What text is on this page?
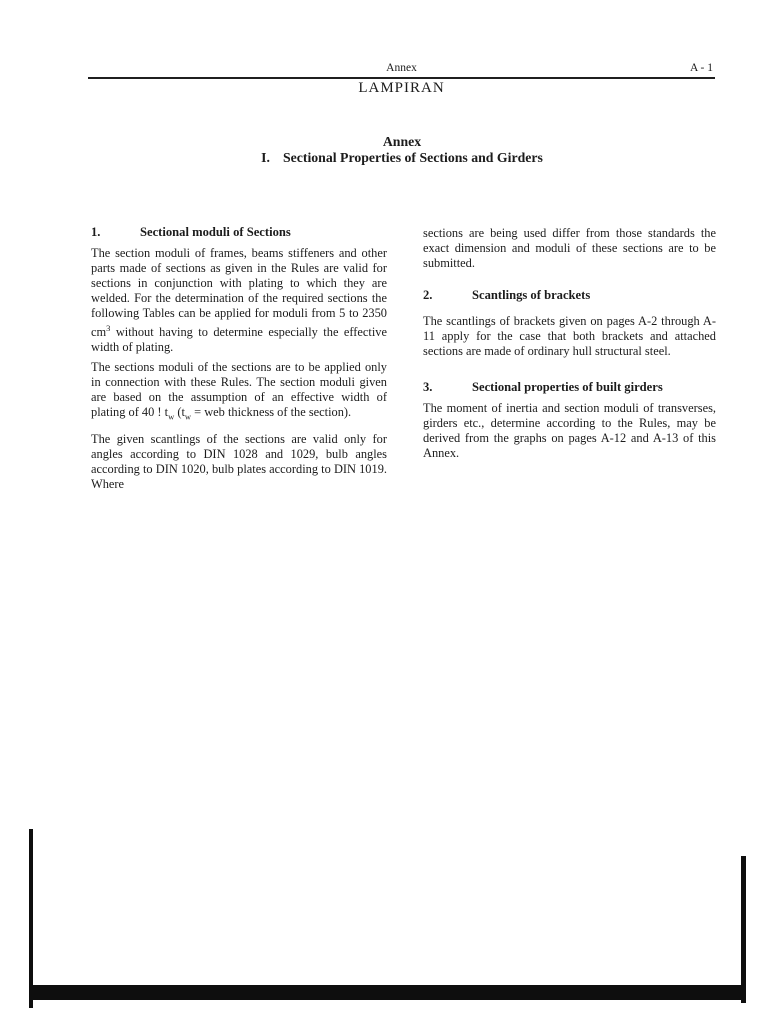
Annex	A - 1
LAMPIRAN
Annex
I. Sectional Properties of Sections and Girders
1.	Sectional moduli of Sections

The section moduli of frames, beams stiffeners and other parts made of sections as given in the Rules are valid for sections in conjunction with plating to which they are welded. For the determination of the required sections the following Tables can be applied for moduli from 5 to 2350 $cm^3$ without having to determine especially the effective width of plating.

The sections moduli of the sections are to be applied only in connection with these Rules. The section moduli given are based on the assumption of an effective width of plating of 40 ! $t_w$ ($t_w$ = web thickness of the section).

The given scantlings of the sections are valid only for angles according to DIN 1028 and 1029, bulb angles according to DIN 1020, bulb plates according to DIN 1019. Where

sections are being used differ from those standards the exact dimension and moduli of these sections are to be submitted.

2.	Scantlings of brackets

The scantlings of brackets given on pages A-2 through A-11 apply for the case that both brackets and attached sections are made of ordinary hull structural steel.

3.	Sectional properties of built girders

The moment of inertia and section moduli of transverses, girders etc., determine according to the Rules, may be derived from the graphs on pages A-12 and A-13 of this Annex.
